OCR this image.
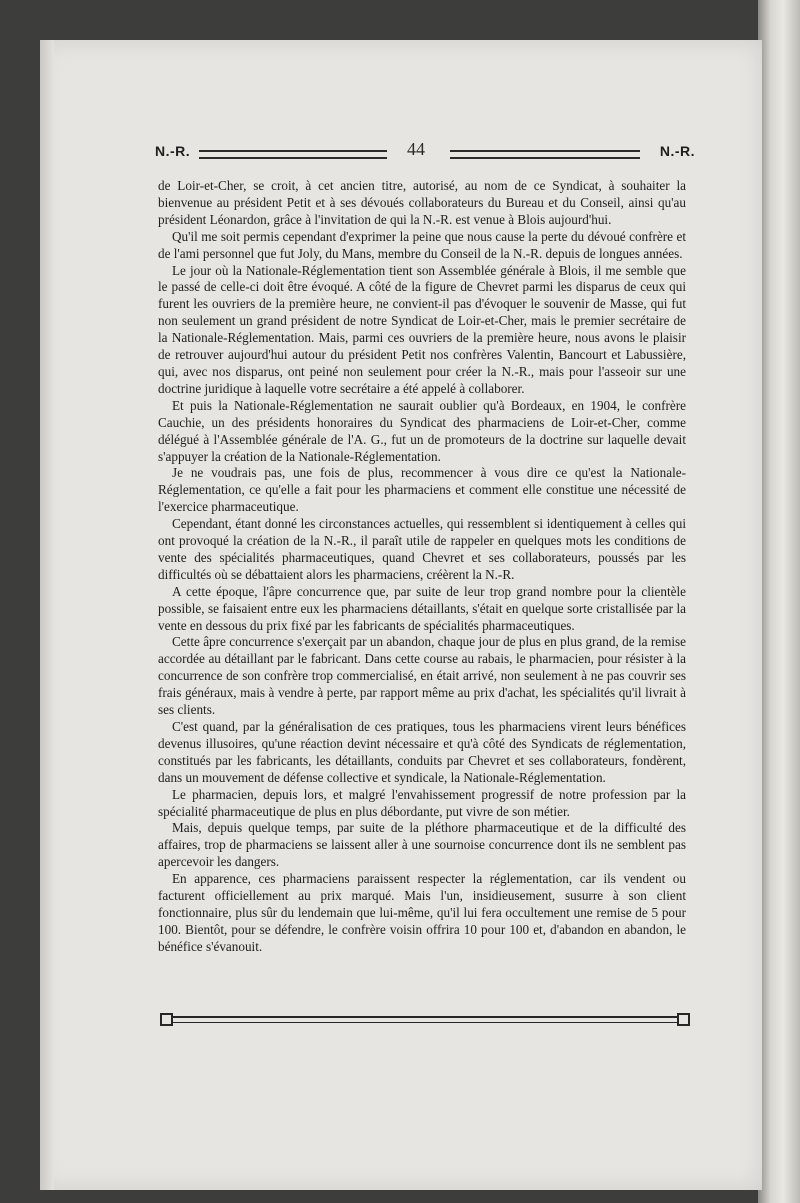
N.-R.	44	N.-R.

de Loir-et-Cher, se croit, à cet ancien titre, autorisé, au nom de ce Syndicat, à souhaiter la bienvenue au président Petit et à ses dévoués collaborateurs du Bureau et du Conseil, ainsi qu'au président Léonardon, grâce à l'invitation de qui la N.-R. est venue à Blois aujourd'hui.

Qu'il me soit permis cependant d'exprimer la peine que nous cause la perte du dévoué confrère et de l'ami personnel que fut Joly, du Mans, membre du Conseil de la N.-R. depuis de longues années.

Le jour où la Nationale-Réglementation tient son Assemblée générale à Blois, il me semble que le passé de celle-ci doit être évoqué. A côté de la figure de Chevret parmi les disparus de ceux qui furent les ouvriers de la première heure, ne convient-il pas d'évoquer le souvenir de Masse, qui fut non seulement un grand président de notre Syndicat de Loir-et-Cher, mais le premier secrétaire de la Nationale-Réglementation. Mais, parmi ces ouvriers de la première heure, nous avons le plaisir de retrouver aujourd'hui autour du président Petit nos confrères Valentin, Bancourt et Labussière, qui, avec nos disparus, ont peiné non seulement pour créer la N.-R., mais pour l'asseoir sur une doctrine juridique à laquelle votre secrétaire a été appelé à collaborer.

Et puis la Nationale-Réglementation ne saurait oublier qu'à Bordeaux, en 1904, le confrère Cauchie, un des présidents honoraires du Syndicat des pharmaciens de Loir-et-Cher, comme délégué à l'Assemblée générale de l'A. G., fut un de promoteurs de la doctrine sur laquelle devait s'appuyer la création de la Nationale-Réglementation.

Je ne voudrais pas, une fois de plus, recommencer à vous dire ce qu'est la Nationale-Réglementation, ce qu'elle a fait pour les pharmaciens et comment elle constitue une nécessité de l'exercice pharmaceutique.

Cependant, étant donné les circonstances actuelles, qui ressemblent si identiquement à celles qui ont provoqué la création de la N.-R., il paraît utile de rappeler en quelques mots les conditions de vente des spécialités pharmaceutiques, quand Chevret et ses collaborateurs, poussés par les difficultés où se débattaient alors les pharmaciens, créèrent la N.-R.

A cette époque, l'âpre concurrence que, par suite de leur trop grand nombre pour la clientèle possible, se faisaient entre eux les pharmaciens détaillants, s'était en quelque sorte cristallisée par la vente en dessous du prix fixé par les fabricants de spécialités pharmaceutiques.

Cette âpre concurrence s'exerçait par un abandon, chaque jour de plus en plus grand, de la remise accordée au détaillant par le fabricant. Dans cette course au rabais, le pharmacien, pour résister à la concurrence de son confrère trop commercialisé, en était arrivé, non seulement à ne pas couvrir ses frais généraux, mais à vendre à perte, par rapport même au prix d'achat, les spécialités qu'il livrait à ses clients.

C'est quand, par la généralisation de ces pratiques, tous les pharmaciens virent leurs bénéfices devenus illusoires, qu'une réaction devint nécessaire et qu'à côté des Syndicats de réglementation, constitués par les fabricants, les détaillants, conduits par Chevret et ses collaborateurs, fondèrent, dans un mouvement de défense collective et syndicale, la Nationale-Réglementation.

Le pharmacien, depuis lors, et malgré l'envahissement progressif de notre profession par la spécialité pharmaceutique de plus en plus débordante, put vivre de son métier.

Mais, depuis quelque temps, par suite de la pléthore pharmaceutique et de la difficulté des affaires, trop de pharmaciens se laissent aller à une sournoise concurrence dont ils ne semblent pas apercevoir les dangers.

En apparence, ces pharmaciens paraissent respecter la réglementation, car ils vendent ou facturent officiellement au prix marqué. Mais l'un, insidieusement, susurre à son client fonctionnaire, plus sûr du lendemain que lui-même, qu'il lui fera occultement une remise de 5 pour 100. Bientôt, pour se défendre, le confrère voisin offrira 10 pour 100 et, d'abandon en abandon, le bénéfice s'évanouit.
